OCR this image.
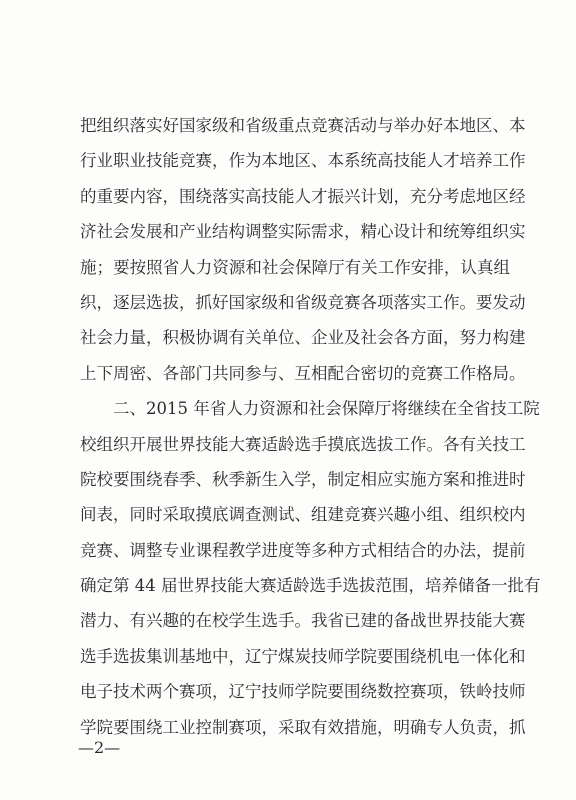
把组织落实好国家级和省级重点竞赛活动与举办好本地区、本
行业职业技能竞赛，作为本地区、本系统高技能人才培养工作
的重要内容，围绕落实高技能人才振兴计划，充分考虑地区经
济社会发展和产业结构调整实际需求，精心设计和统筹组织实
施；要按照省人力资源和社会保障厅有关工作安排，认真组
织，逐层选拔，抓好国家级和省级竞赛各项落实工作。要发动
社会力量，积极协调有关单位、企业及社会各方面，努力构建
上下周密、各部门共同参与、互相配合密切的竞赛工作格局。
二、2015 年省人力资源和社会保障厅将继续在全省技工院
校组织开展世界技能大赛适龄选手摸底选拔工作。各有关技工
院校要围绕春季、秋季新生入学，制定相应实施方案和推进时
间表，同时采取摸底调查测试、组建竞赛兴趣小组、组织校内
竞赛、调整专业课程教学进度等多种方式相结合的办法，提前
确定第 44 届世界技能大赛适龄选手选拔范围，培养储备一批有
潜力、有兴趣的在校学生选手。我省已建的备战世界技能大赛
选手选拔集训基地中，辽宁煤炭技师学院要围绕机电一体化和
电子技术两个赛项，辽宁技师学院要围绕数控赛项，铁岭技师
学院要围绕工业控制赛项，采取有效措施，明确专人负责，抓
—2—
